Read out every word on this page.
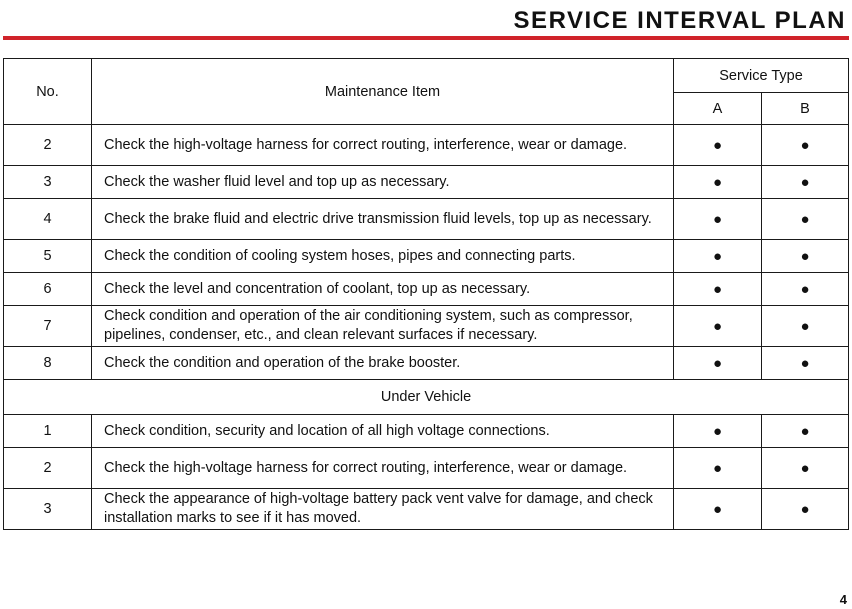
SERVICE INTERVAL PLAN
No.	Maintenance Item	Service Type	
		A	B
2	Check the high-voltage harness for correct routing, interference, wear or damage.	●	●
3	Check the washer fluid level and top up as necessary.	●	●
4	Check the brake fluid and electric drive transmission fluid levels, top up as necessary.	●	●
5	Check the condition of cooling system hoses, pipes and connecting parts.	●	●
6	Check the level and concentration of coolant, top up as necessary.	●	●
7	Check condition and operation of the air conditioning system, such as compressor, pipelines, condenser, etc., and clean relevant surfaces if necessary.	●	●
8	Check the condition and operation of the brake booster.	●	●
Under Vehicle			
1	Check condition, security and location of all high voltage connections.	●	●
2	Check the high-voltage harness for correct routing, interference, wear or damage.	●	●
3	Check the appearance of high-voltage battery pack vent valve for damage, and check installation marks to see if it has moved.	●	●
4
